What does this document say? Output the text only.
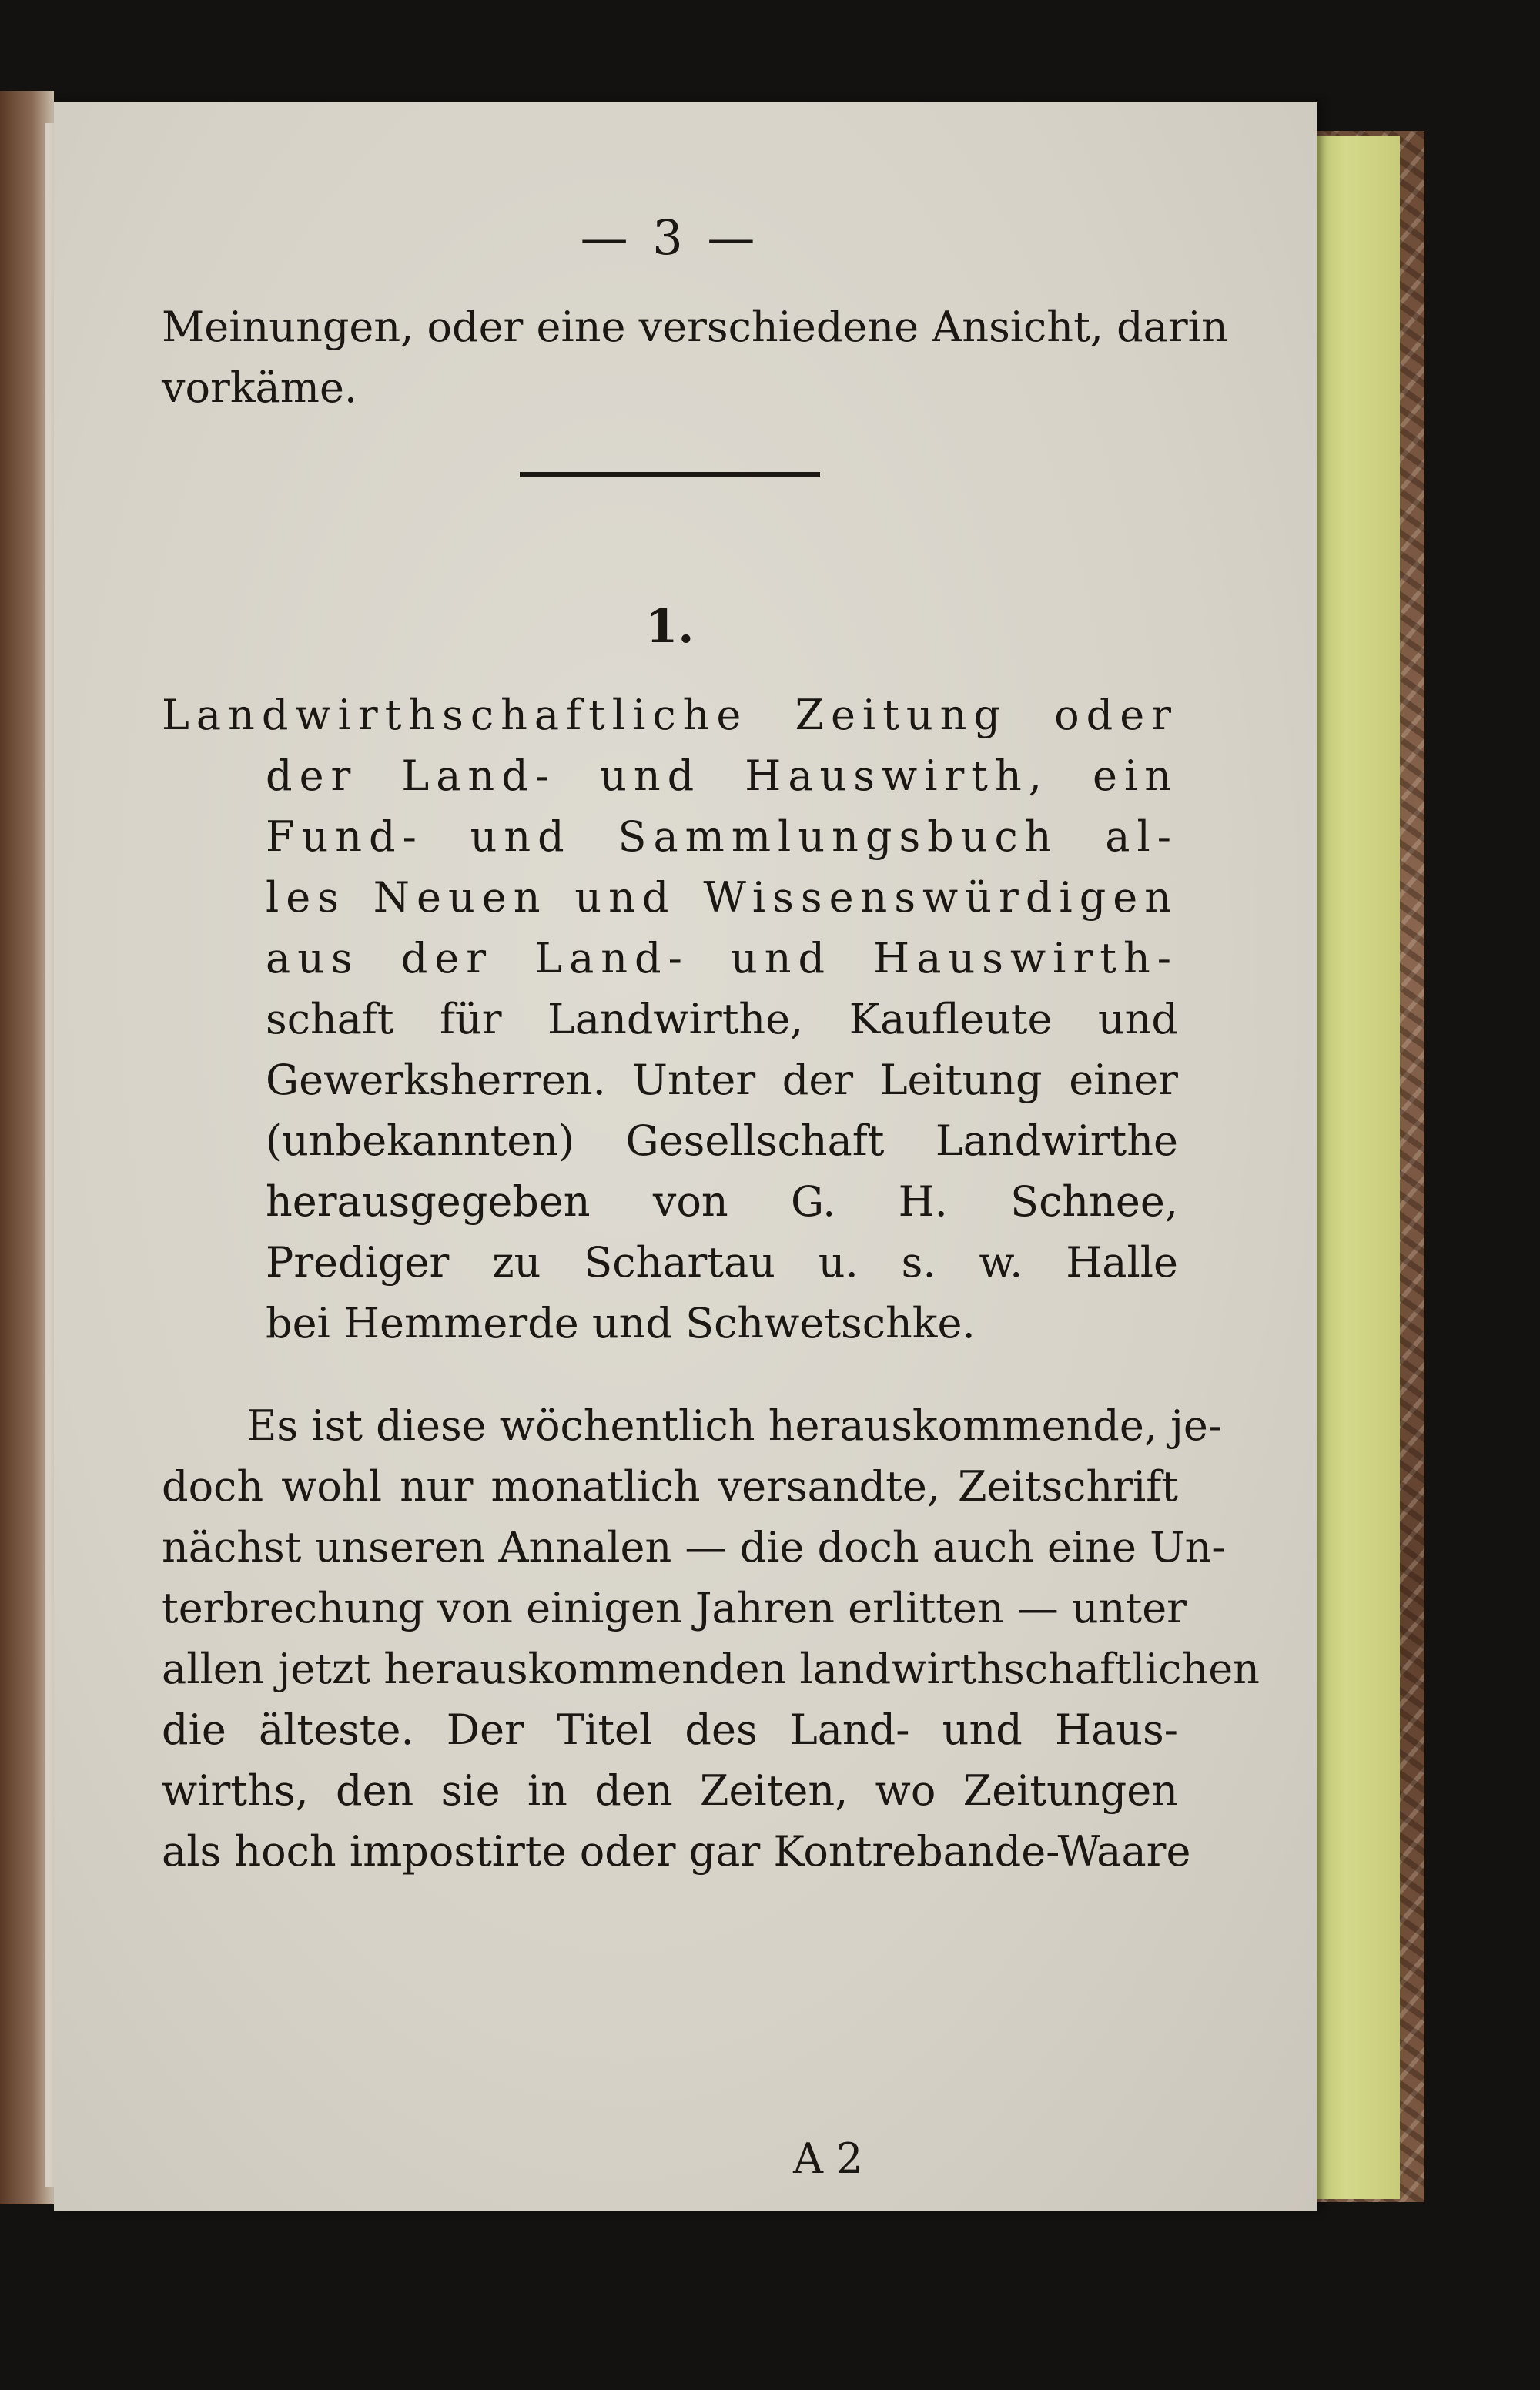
— 3 —
Meinungen, oder eine verschiedene Ansicht, darin
vorkäme.
1.
Landwirthschaftliche Zeitung oder
der Land- und Hauswirth, ein
Fund- und Sammlungsbuch al-
les Neuen und Wissenswürdigen
aus der Land- und Hauswirth-
schaft für Landwirthe, Kaufleute und
Gewerksherren. Unter der Leitung einer
(unbekannten) Gesellschaft Landwirthe
herausgegeben von G. H. Schnee,
Prediger zu Schartau u. s. w. Halle
bei Hemmerde und Schwetschke.
Es ist diese wöchentlich herauskommende, je-
doch wohl nur monatlich versandte, Zeitschrift
nächst unseren Annalen — die doch auch eine Un-
terbrechung von einigen Jahren erlitten — unter
allen jetzt herauskommenden landwirthschaftlichen
die älteste. Der Titel des Land- und Haus-
wirths, den sie in den Zeiten, wo Zeitungen
als hoch impostirte oder gar Kontrebande-Waare
A 2
